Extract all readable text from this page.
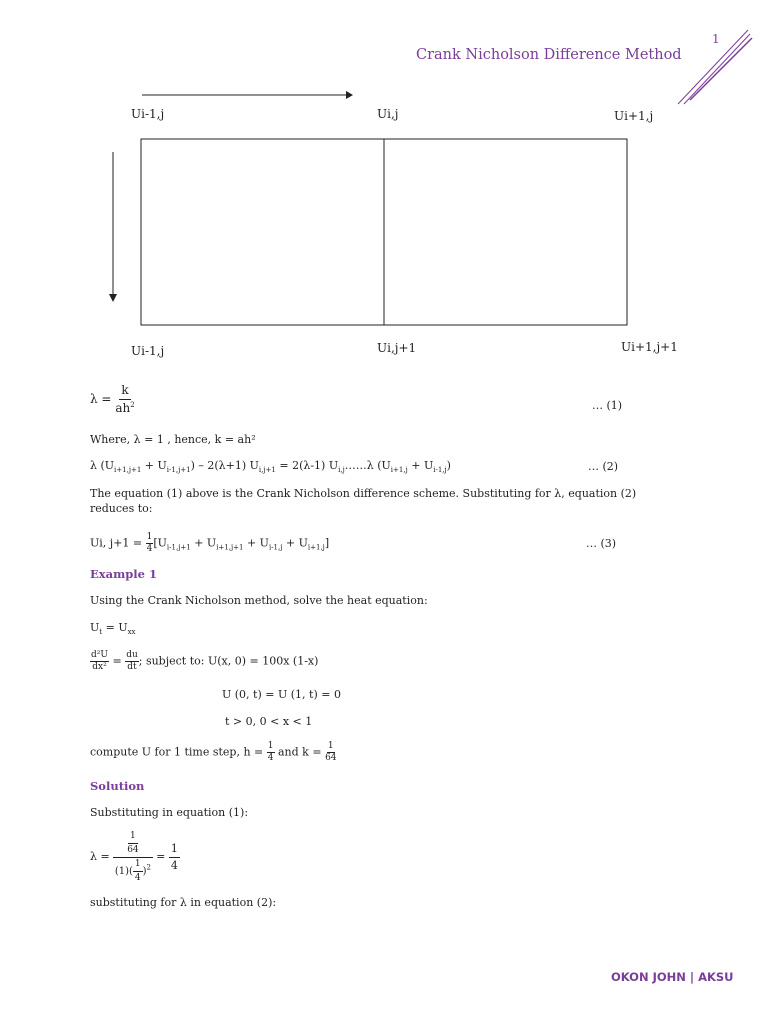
1
Crank Nicholson Difference Method
Ui-1,j	Ui,j	Ui+1,j
Ui-1,j	Ui,j+1	Ui+1,j+1
$\lambda = \frac{k}{ah^2}$	… (1)
Where, λ = 1 , hence, k = ah²
λ $(U_{i+1,j+1} + U_{i-1,j+1}) - 2(\lambda+1) U_{i,j+1} = 2(\lambda-1)$ $U_{i,j}\dots\dots\lambda$ $(U_{i+1,j} + U_{i-1,j})$	… (2)
The equation (1) above is the Crank Nicholson difference scheme. Substituting for λ, equation (2) reduces to:
Ui, $j+1 = \frac{1}{4} [U_{i-1,j+1} + U_{i+1,j+1} + U_{i-1,j} + U_{i+1,j}]$	… (3)
Example 1
Using the Crank Nicholson method, solve the heat equation:
$U_t = U_{xx}$
$\frac{\text{d²U}}{\text{dx²}} = \frac{du}{dt}$ ; subject to: U(x, 0) = 100x (1-x)
U (0, t) = U (1, t) = 0
t > 0, 0 < x < 1
compute U for 1 time step, $h = \frac{1}{4}$ and $k = \frac{1}{64}$
Solution
Substituting in equation (1):
$\lambda = \frac{\frac{1}{64}}{(1)( \frac{1}{4} )^2} = \frac{1}{4}$
substituting for λ in equation (2):
OKON JOHN | AKSU
